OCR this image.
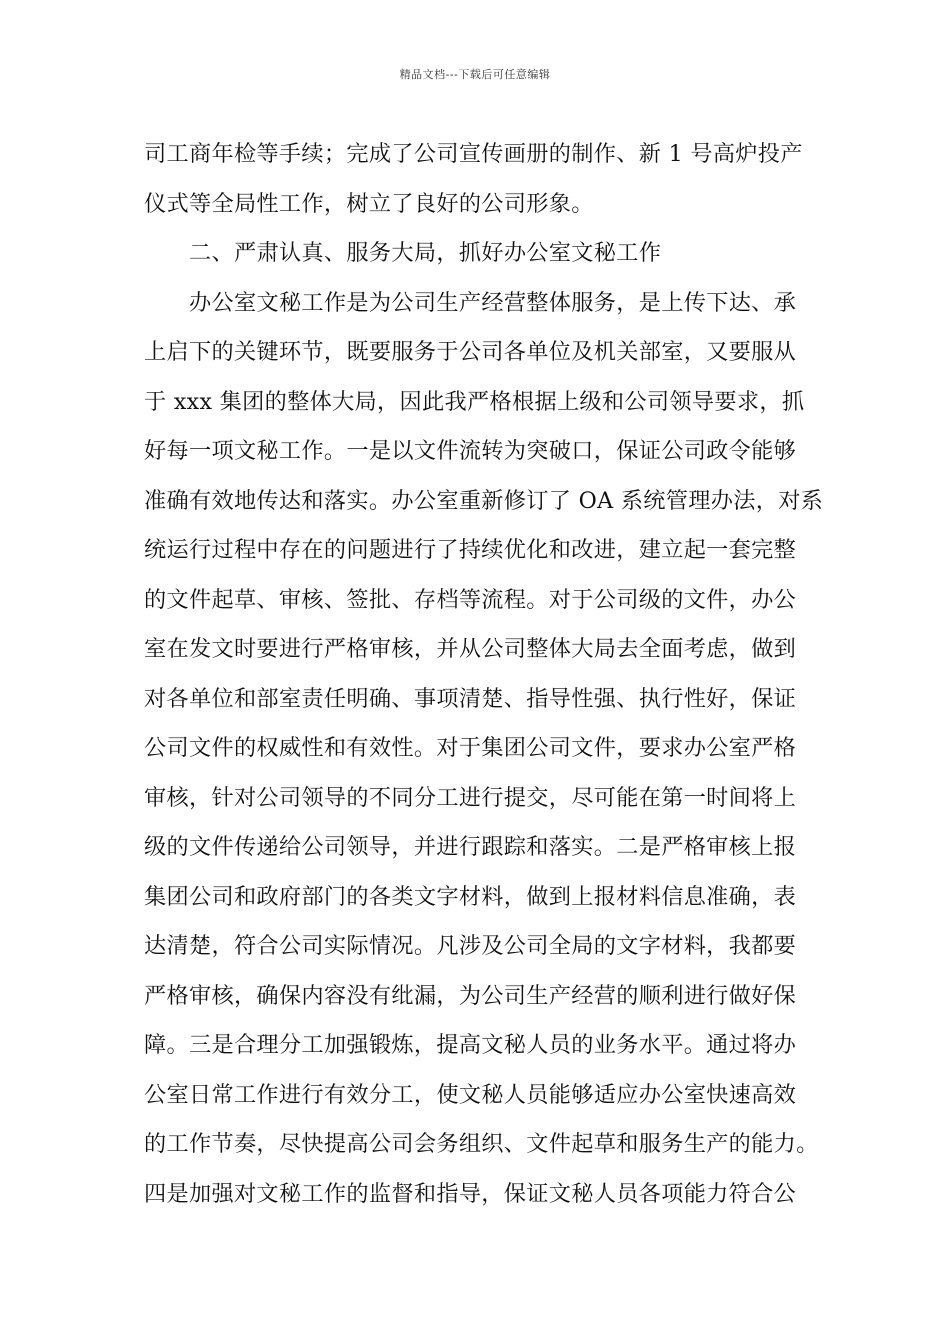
精品文档---下载后可任意编辑
司工商年检等手续；完成了公司宣传画册的制作、新 1 号高炉投产
仪式等全局性工作，树立了良好的公司形象。
二、严肃认真、服务大局，抓好办公室文秘工作
办公室文秘工作是为公司生产经营整体服务，是上传下达、承
上启下的关键环节，既要服务于公司各单位及机关部室，又要服从
于 xxx 集团的整体大局，因此我严格根据上级和公司领导要求，抓
好每一项文秘工作。一是以文件流转为突破口，保证公司政令能够
准确有效地传达和落实。办公室重新修订了 OA 系统管理办法，对系
统运行过程中存在的问题进行了持续优化和改进，建立起一套完整
的文件起草、审核、签批、存档等流程。对于公司级的文件，办公
室在发文时要进行严格审核，并从公司整体大局去全面考虑，做到
对各单位和部室责任明确、事项清楚、指导性强、执行性好，保证
公司文件的权威性和有效性。对于集团公司文件，要求办公室严格
审核，针对公司领导的不同分工进行提交，尽可能在第一时间将上
级的文件传递给公司领导，并进行跟踪和落实。二是严格审核上报
集团公司和政府部门的各类文字材料，做到上报材料信息准确，表
达清楚，符合公司实际情况。凡涉及公司全局的文字材料，我都要
严格审核，确保内容没有纰漏，为公司生产经营的顺利进行做好保
障。三是合理分工加强锻炼，提高文秘人员的业务水平。通过将办
公室日常工作进行有效分工，使文秘人员能够适应办公室快速高效
的工作节奏，尽快提高公司会务组织、文件起草和服务生产的能力。
四是加强对文秘工作的监督和指导，保证文秘人员各项能力符合公
